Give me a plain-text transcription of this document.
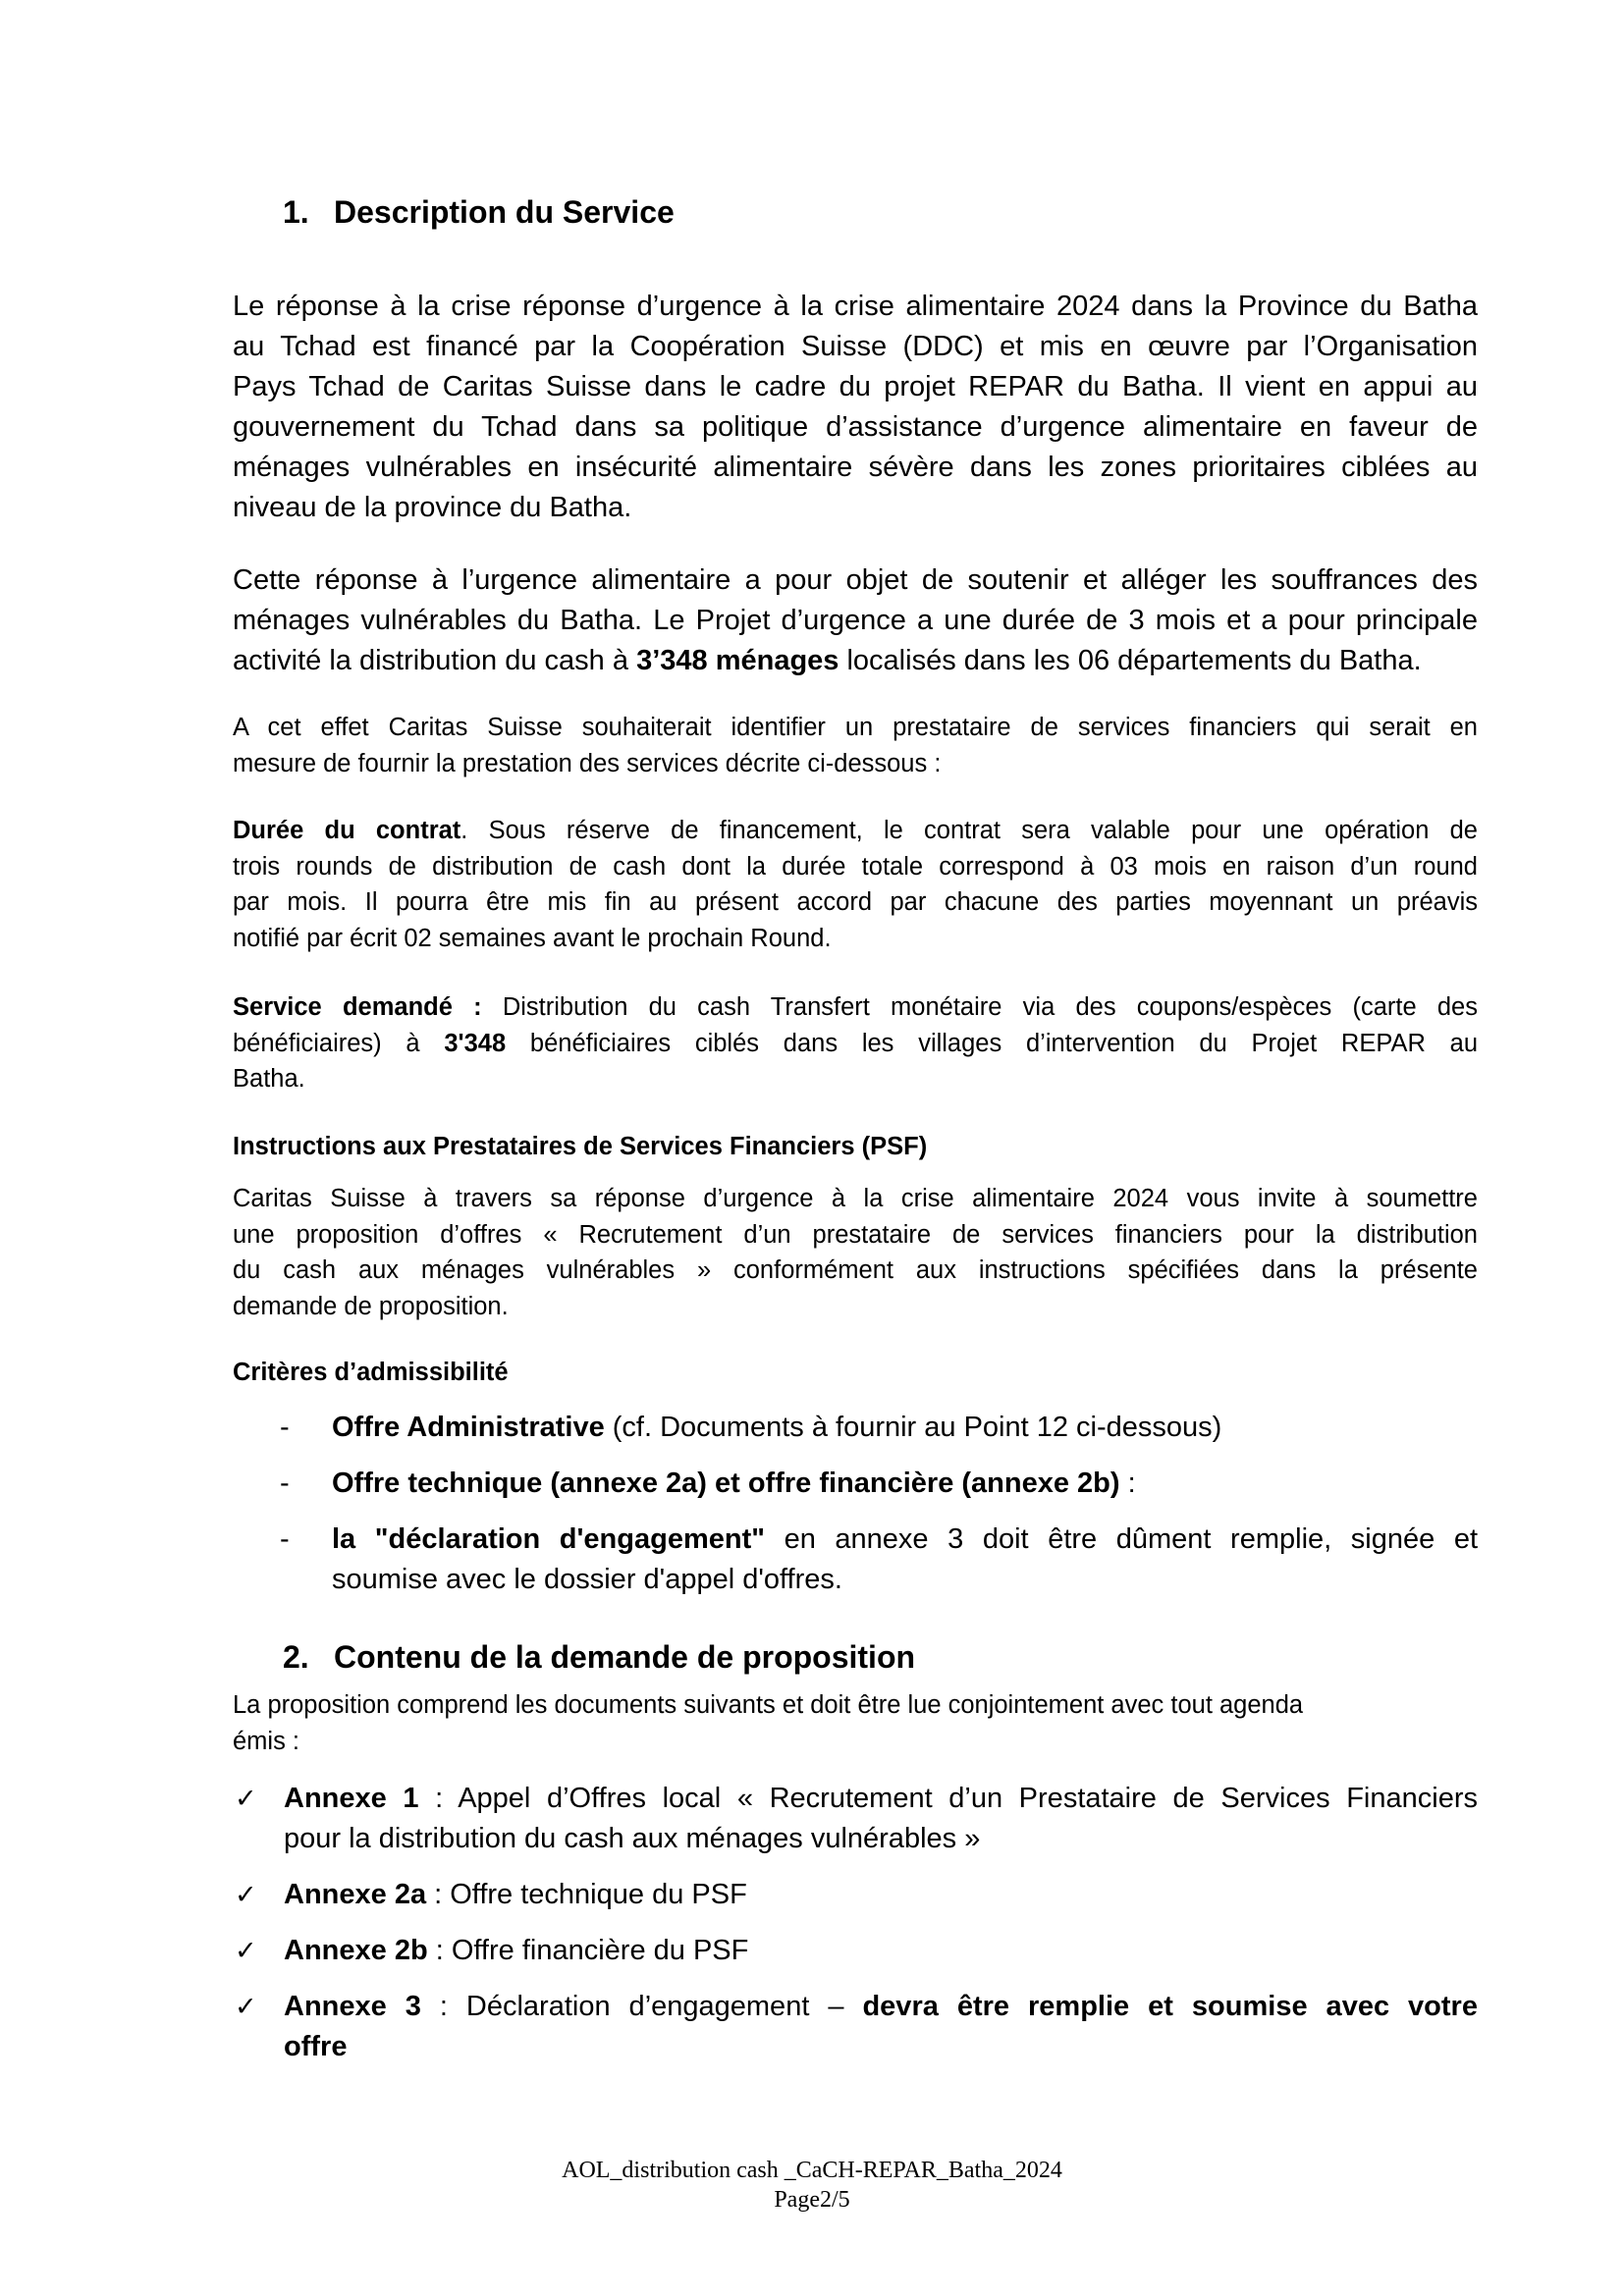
1. Description du Service
Le réponse à la crise réponse d’urgence à la crise alimentaire 2024 dans la Province du Batha
au Tchad est financé par la Coopération Suisse (DDC) et mis en œuvre par l’Organisation
Pays Tchad de Caritas Suisse dans le cadre du projet REPAR du Batha. Il vient en appui au
gouvernement du Tchad dans sa politique d’assistance d’urgence alimentaire en faveur de
ménages vulnérables en insécurité alimentaire sévère dans les zones prioritaires ciblées au
niveau de la province du Batha.
Cette réponse à l’urgence alimentaire a pour objet de soutenir et alléger les souffrances des
ménages vulnérables du Batha. Le Projet d’urgence a une durée de 3 mois et a pour principale
activité la distribution du cash à 3’348 ménages localisés dans les 06 départements du Batha.
A cet effet Caritas Suisse souhaiterait identifier un prestataire de services financiers qui serait en
mesure de fournir la prestation des services décrite ci-dessous :
Durée du contrat. Sous réserve de financement, le contrat sera valable pour une opération de
trois rounds de distribution de cash dont la durée totale correspond à 03 mois en raison d’un round
par mois. Il pourra être mis fin au présent accord par chacune des parties moyennant un préavis
notifié par écrit 02 semaines avant le prochain Round.
Service demandé : Distribution du cash Transfert monétaire via des coupons/espèces (carte des
bénéficiaires) à 3'348 bénéficiaires ciblés dans les villages d’intervention du Projet REPAR au
Batha.
Instructions aux Prestataires de Services Financiers (PSF)
Caritas Suisse à travers sa réponse d’urgence à la crise alimentaire 2024 vous invite à soumettre
une proposition d’offres « Recrutement d’un prestataire de services financiers pour la distribution
du cash aux ménages vulnérables » conformément aux instructions spécifiées dans la présente
demande de proposition.
Critères d’admissibilité
- Offre Administrative (cf. Documents à fournir au Point 12 ci-dessous)
- Offre technique (annexe 2a) et offre financière (annexe 2b) :
- la "déclaration d'engagement" en annexe 3 doit être dûment remplie, signée et
soumise avec le dossier d'appel d'offres.
2. Contenu de la demande de proposition
La proposition comprend les documents suivants et doit être lue conjointement avec tout agenda
émis :
✓ Annexe 1 : Appel d’Offres local « Recrutement d’un Prestataire de Services Financiers
pour la distribution du cash aux ménages vulnérables »
✓ Annexe 2a : Offre technique du PSF
✓ Annexe 2b : Offre financière du PSF
✓ Annexe 3 : Déclaration d’engagement – devra être remplie et soumise avec votre
offre
AOL_distribution cash _CaCH-REPAR_Batha_2024
Page2/5
